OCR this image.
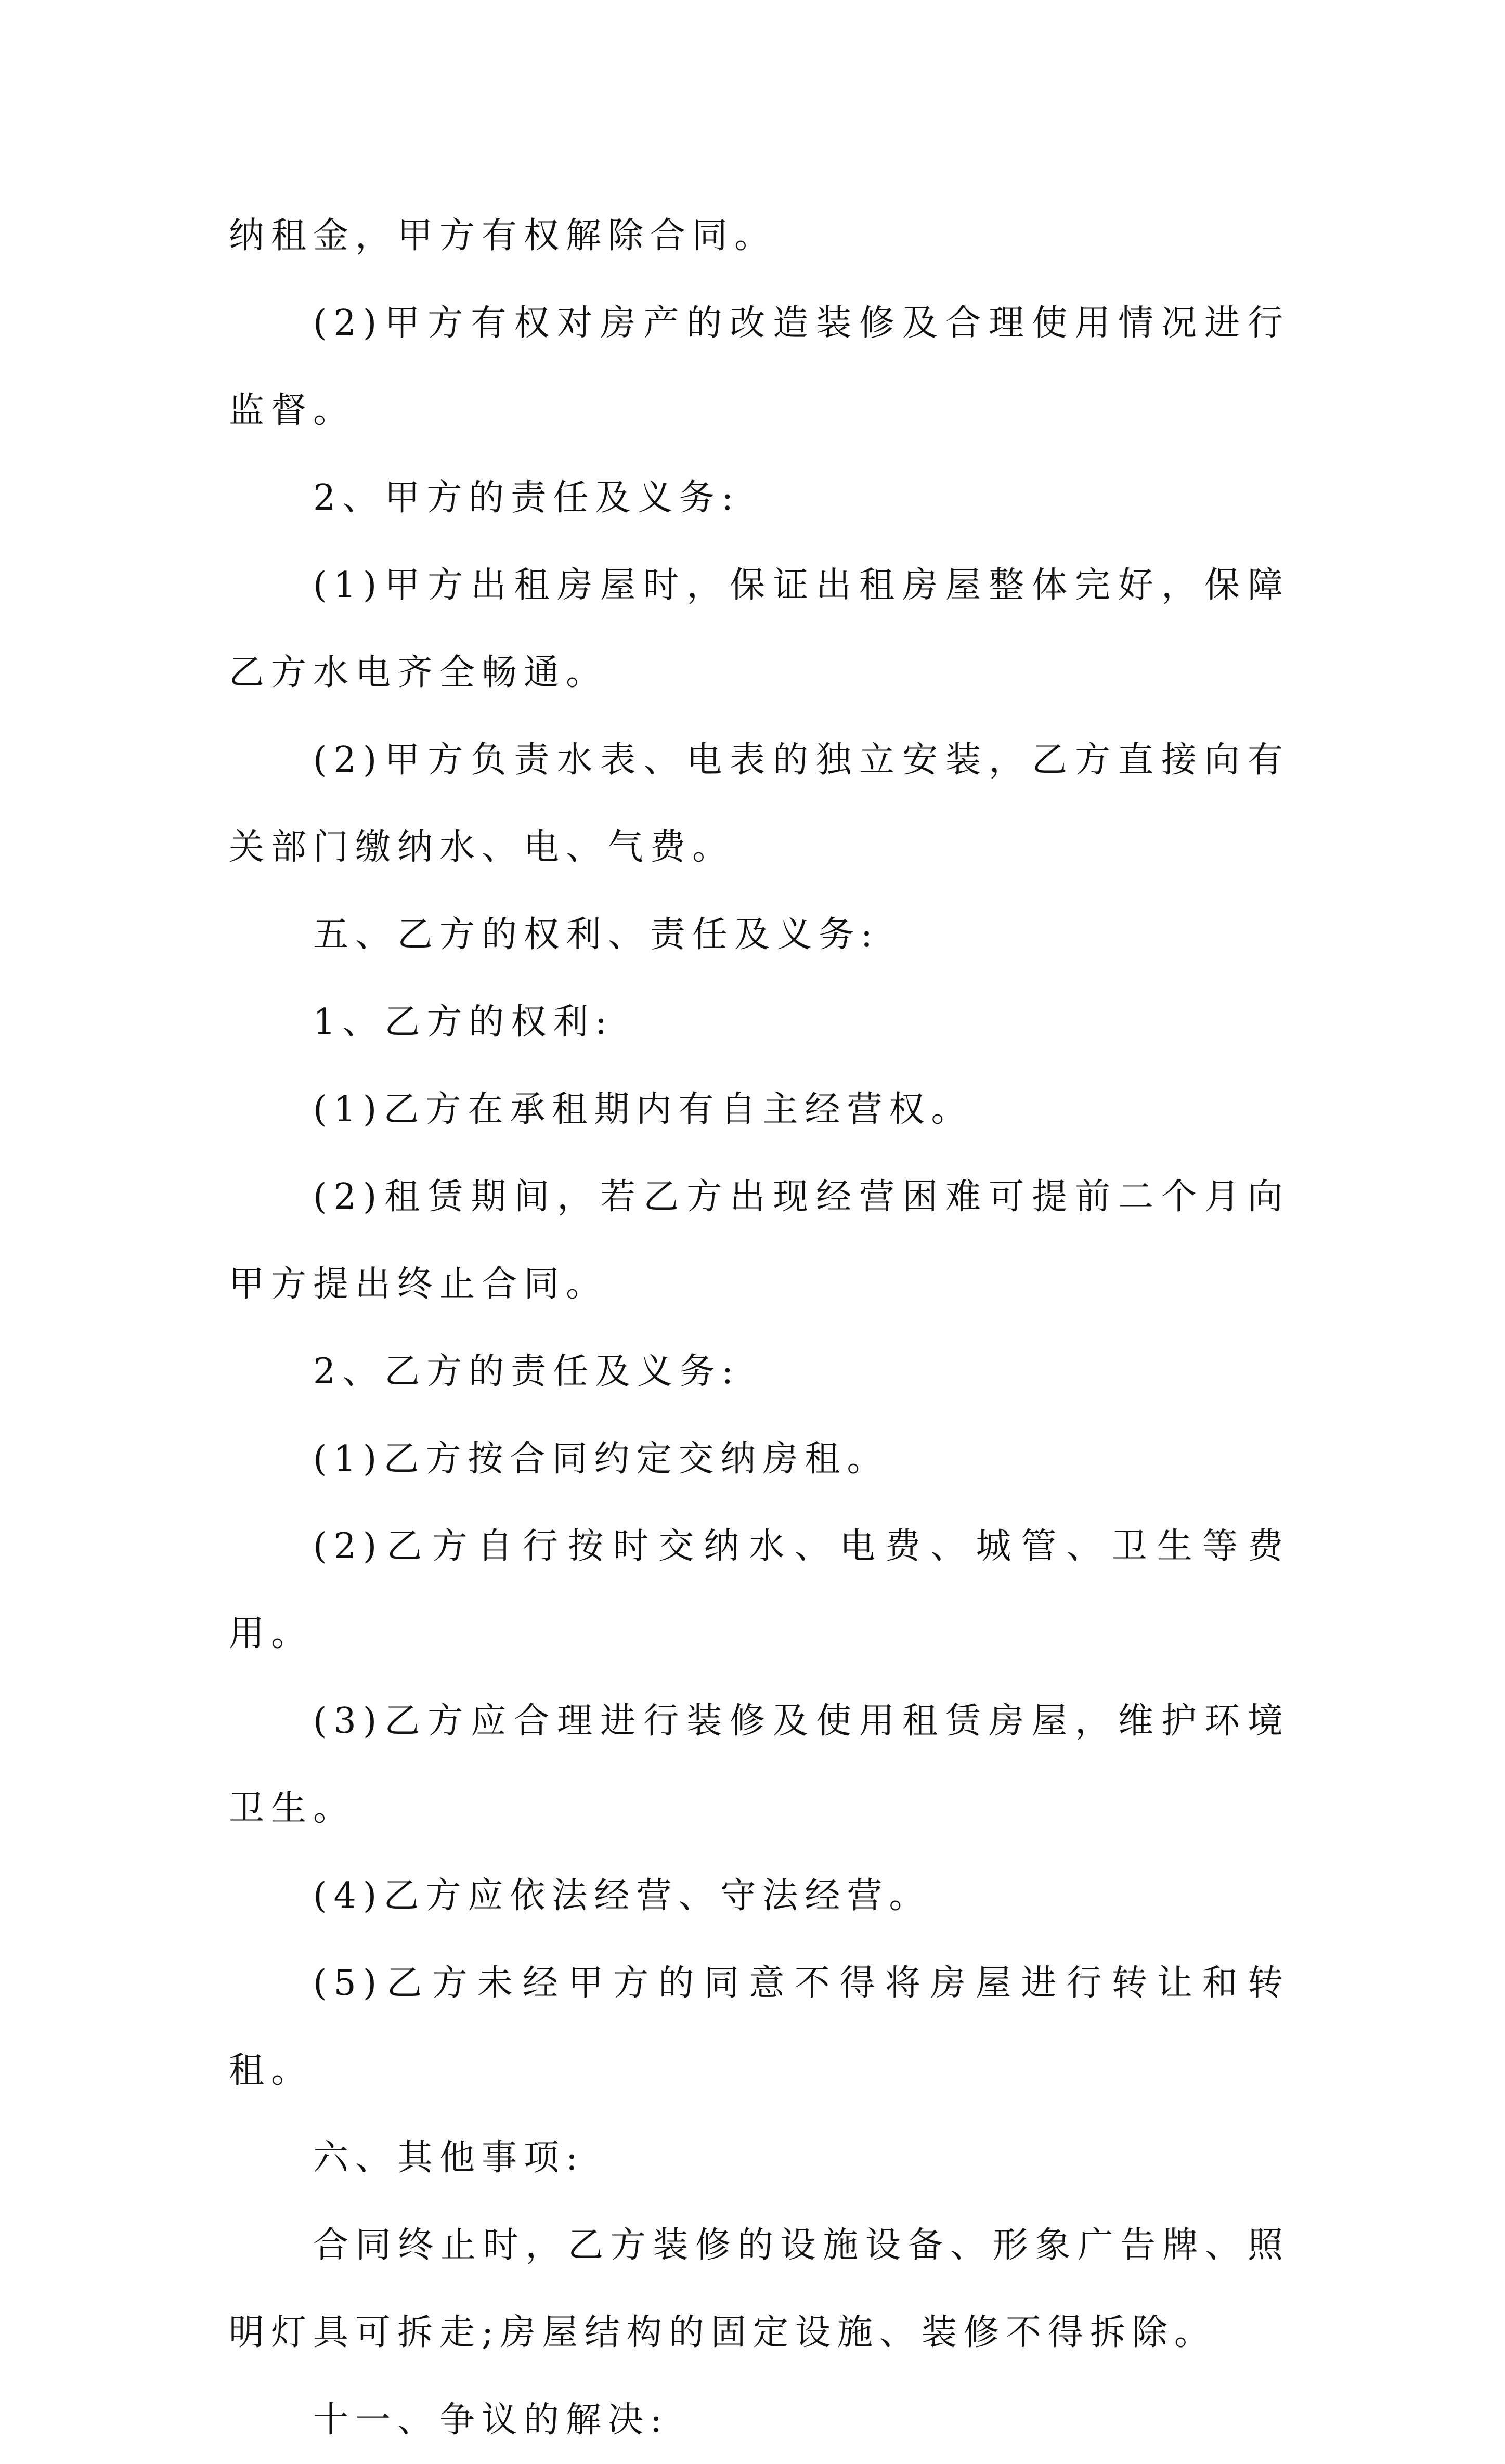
纳租金，甲方有权解除合同。

(2)甲方有权对房产的改造装修及合理使用情况进行监督。

2、甲方的责任及义务:

(1)甲方出租房屋时，保证出租房屋整体完好，保障乙方水电齐全畅通。

(2)甲方负责水表、电表的独立安装，乙方直接向有关部门缴纳水、电、气费。

五、乙方的权利、责任及义务:

1、乙方的权利:

(1)乙方在承租期内有自主经营权。

(2)租赁期间，若乙方出现经营困难可提前二个月向甲方提出终止合同。

2、乙方的责任及义务:

(1)乙方按合同约定交纳房租。

(2)乙方自行按时交纳水、电费、城管、卫生等费用。

(3)乙方应合理进行装修及使用租赁房屋，维护环境卫生。

(4)乙方应依法经营、守法经营。

(5)乙方未经甲方的同意不得将房屋进行转让和转租。

六、其他事项:

合同终止时，乙方装修的设施设备、形象广告牌、照明灯具可拆走;房屋结构的固定设施、装修不得拆除。

十一、争议的解决:
